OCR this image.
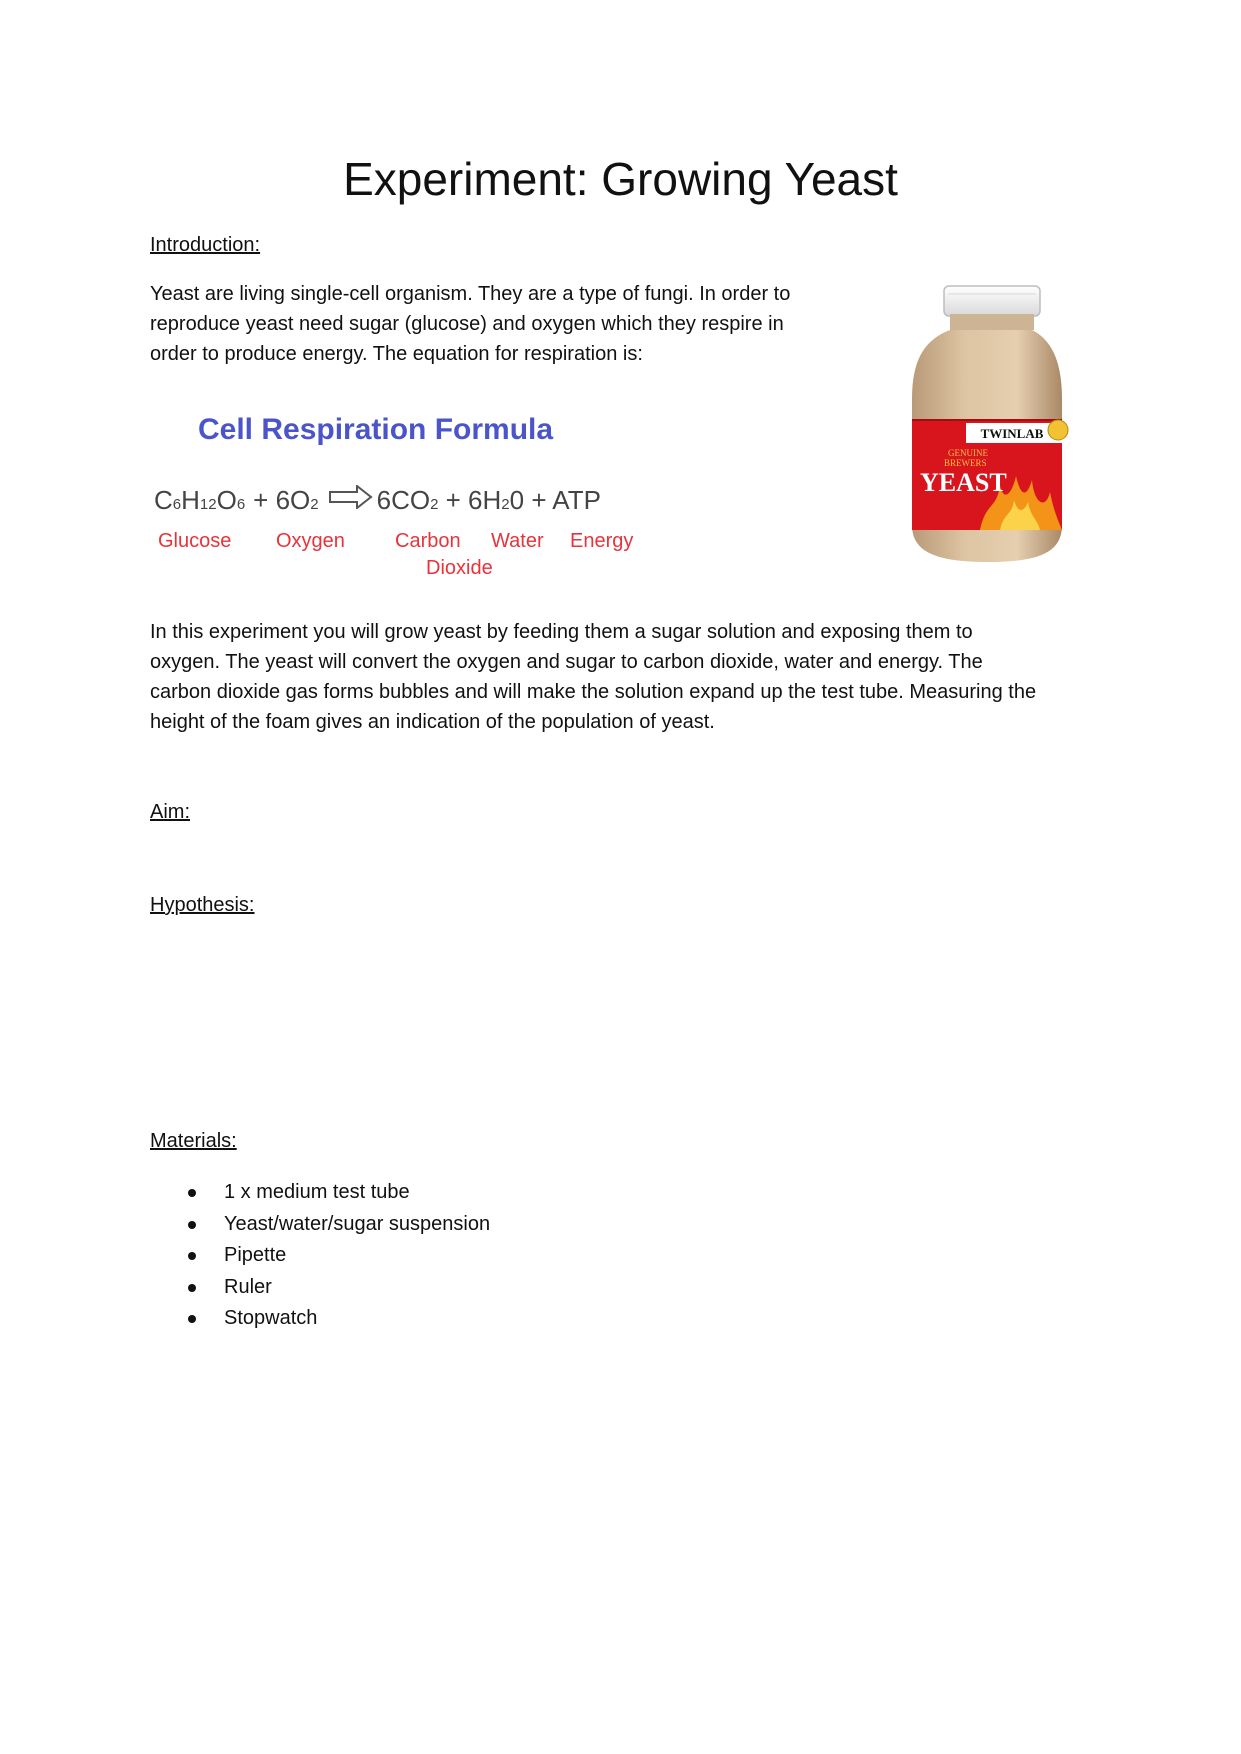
Experiment: Growing Yeast
Introduction:
Yeast are living single-cell organism. They are a type of fungi. In order to
reproduce yeast need sugar (glucose) and oxygen which they respire in
order to produce energy. The equation for respiration is:
Cell Respiration Formula
C6H12O6 + 6O2 6CO2 + 6H20 + ATP
Glucose Oxygen	Carbon Water Energy
Dioxide
TWINLAB
GENUINE
BREWERS
YEAST
In this experiment you will grow yeast by feeding them a sugar solution and exposing them to
oxygen. The yeast will convert the oxygen and sugar to carbon dioxide, water and energy. The
carbon dioxide gas forms bubbles and will make the solution expand up the test tube. Measuring the
height of the foam gives an indication of the population of yeast.
Aim:
Hypothesis:
Materials:
1 x medium test tube
Yeast/water/sugar suspension
Pipette
Ruler
Stopwatch
